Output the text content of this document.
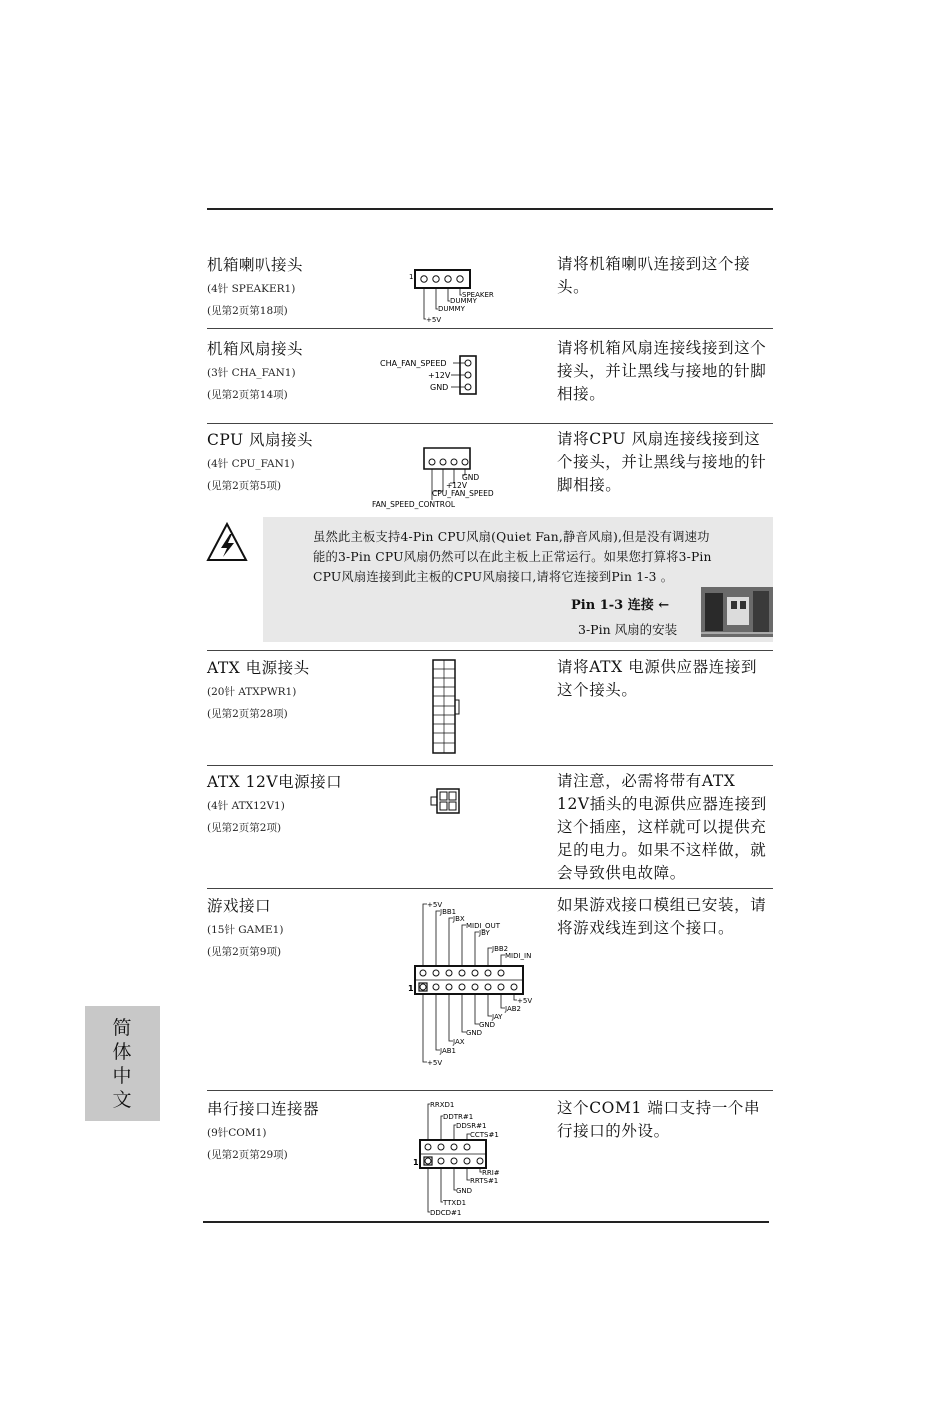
机箱喇叭接头
(4针 SPEAKER1)
(见第2页第18项)
请将机箱喇叭连接到这个接头。
1
SPEAKER
DUMMY
DUMMY
+5V
机箱风扇接头
(3针 CHA_FAN1)
(见第2页第14项)
请将机箱风扇连接线接到这个接头，并让黑线与接地的针脚相接。
CHA_FAN_SPEED
+12V
GND
CPU 风扇接头
(4针 CPU_FAN1)
(见第2页第5项)
请将CPU 风扇连接线接到这个接头，并让黑线与接地的针脚相接。
GND
+12V
CPU_FAN_SPEED
FAN_SPEED_CONTROL
虽然此主板支持4-Pin CPU风扇(Quiet Fan,静音风扇),但是没有调速功
能的3-Pin CPU风扇仍然可以在此主板上正常运行。如果您打算将3-Pin
CPU风扇连接到此主板的CPU风扇接口,请将它连接到Pin 1-3 。
Pin 1-3 连接 ←
3-Pin 风扇的安装
ATX 电源接头
(20针 ATXPWR1)
(见第2页第28项)
请将ATX 电源供应器连接到这个接头。
ATX 12V电源接口
(4针 ATX12V1)
(见第2页第2项)
请注意，必需将带有ATX 12V插头的电源供应器连接到这个插座，这样就可以提供充足的电力。如果不这样做，就会导致供电故障。
游戏接口
(15针 GAME1)
(见第2页第9项)
如果游戏接口模组已安装，请将游戏线连到这个接口。
1
+5V
JBB1
JBX
MIDI_OUT
JBY
JBB2
MIDI_IN
+5V
JAB2
JAY
GND
GND
JAX
JAB1
+5V
串行接口连接器
(9针COM1)
(见第2页第29项)
这个COM1 端口支持一个串行接口的外设。
1
RRXD1
DDTR#1
DDSR#1
CCTS#1
RRI#
RRTS#1
GND
TTXD1
DDCD#1
简体中文
